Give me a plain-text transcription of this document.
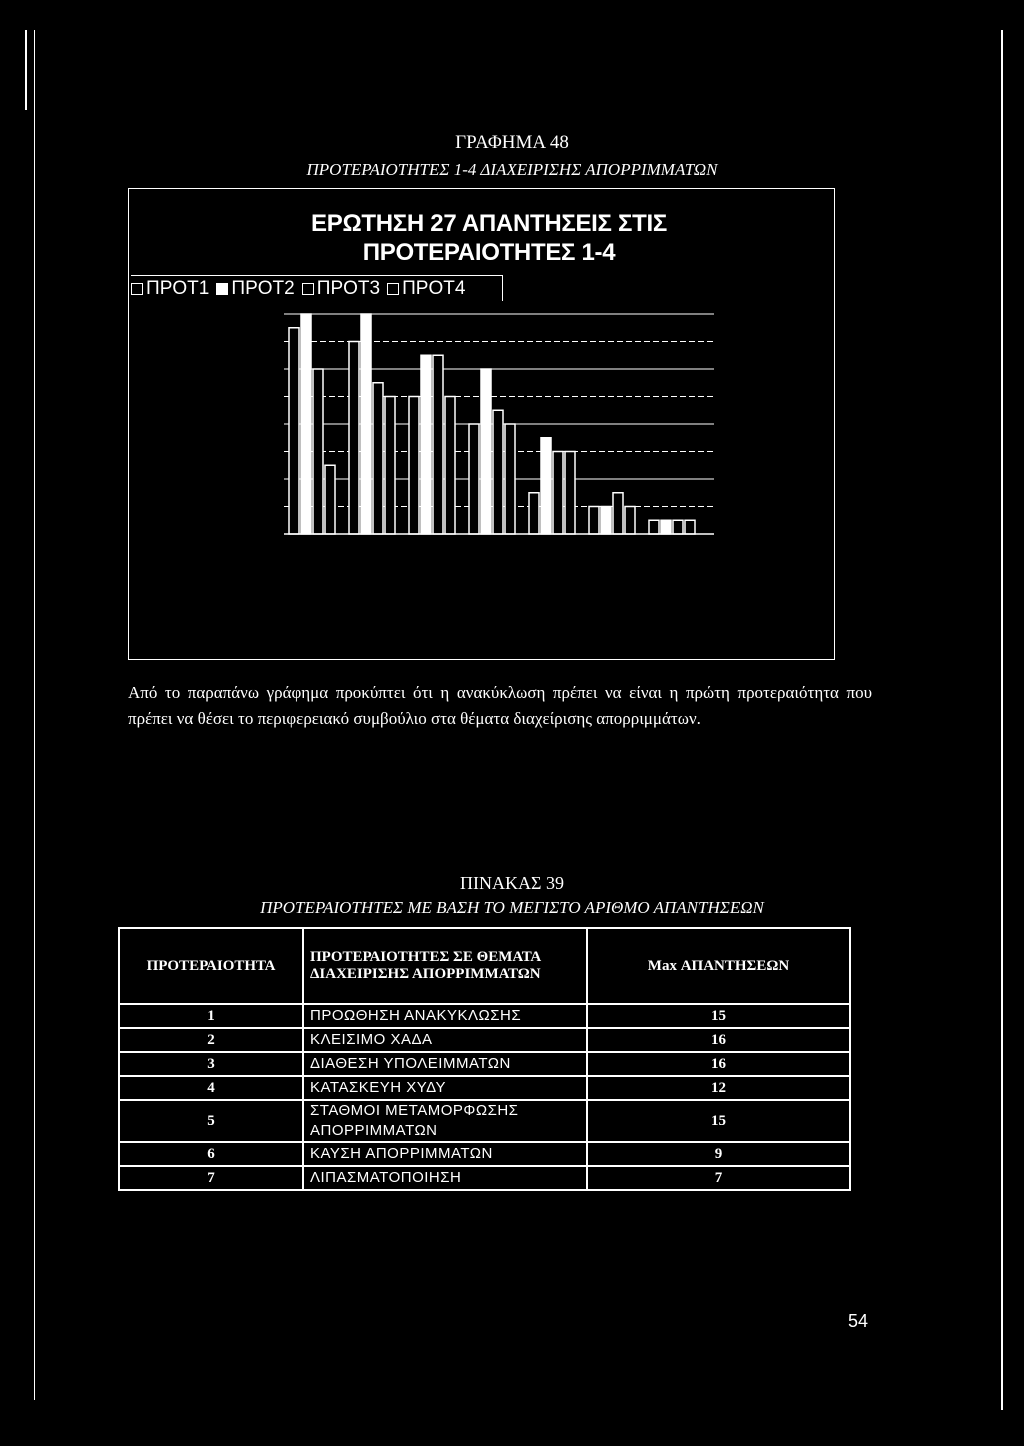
ΓΡΑΦΗΜΑ 48
ΠΡΟΤΕΡΑΙΟΤΗΤΕΣ 1-4 ΔΙΑΧΕΙΡΙΣΗΣ ΑΠΟΡΡΙΜΜΑΤΩΝ
ΕΡΩΤΗΣΗ 27 ΑΠΑΝΤΗΣΕΙΣ ΣΤΙΣ
ΠΡΟΤΕΡΑΙΟΤΗΤΕΣ 1-4
ΠΡΟΤ1 ΠΡΟΤ2 ΠΡΟΤ3 ΠΡΟΤ4
Από το παραπάνω γράφημα προκύπτει ότι η ανακύκλωση πρέπει να είναι η πρώτη προτεραιότητα που πρέπει να θέσει το περιφερειακό συμβούλιο στα θέματα διαχείρισης απορριμμάτων.
ΠΙΝΑΚΑΣ 39
ΠΡΟΤΕΡΑΙΟΤΗΤΕΣ ΜΕ ΒΑΣΗ ΤΟ ΜΕΓΙΣΤΟ ΑΡΙΘΜΟ ΑΠΑΝΤΗΣΕΩΝ
ΠΡΟΤΕΡΑΙΟΤΗΤΑ	ΠΡΟΤΕΡΑΙΟΤΗΤΕΣ ΣΕ ΘΕΜΑΤΑ ΔΙΑΧΕΙΡΙΣΗΣ ΑΠΟΡΡΙΜΜΑΤΩΝ	Max ΑΠΑΝΤΗΣΕΩΝ
1	ΠΡΟΩΘΗΣΗ ΑΝΑΚΥΚΛΩΣΗΣ	15
2	ΚΛΕΙΣΙΜΟ ΧΑΔΑ	16
3	ΔΙΑΘΕΣΗ ΥΠΟΛΕΙΜΜΑΤΩΝ	16
4	ΚΑΤΑΣΚΕΥΗ ΧΥΔΥ	12
5	ΣΤΑΘΜΟΙ ΜΕΤΑΜΟΡΦΩΣΗΣ ΑΠΟΡΡΙΜΜΑΤΩΝ	15
6	ΚΑΥΣΗ ΑΠΟΡΡΙΜΜΑΤΩΝ	9
7	ΛΙΠΑΣΜΑΤΟΠΟΙΗΣΗ	7
54
